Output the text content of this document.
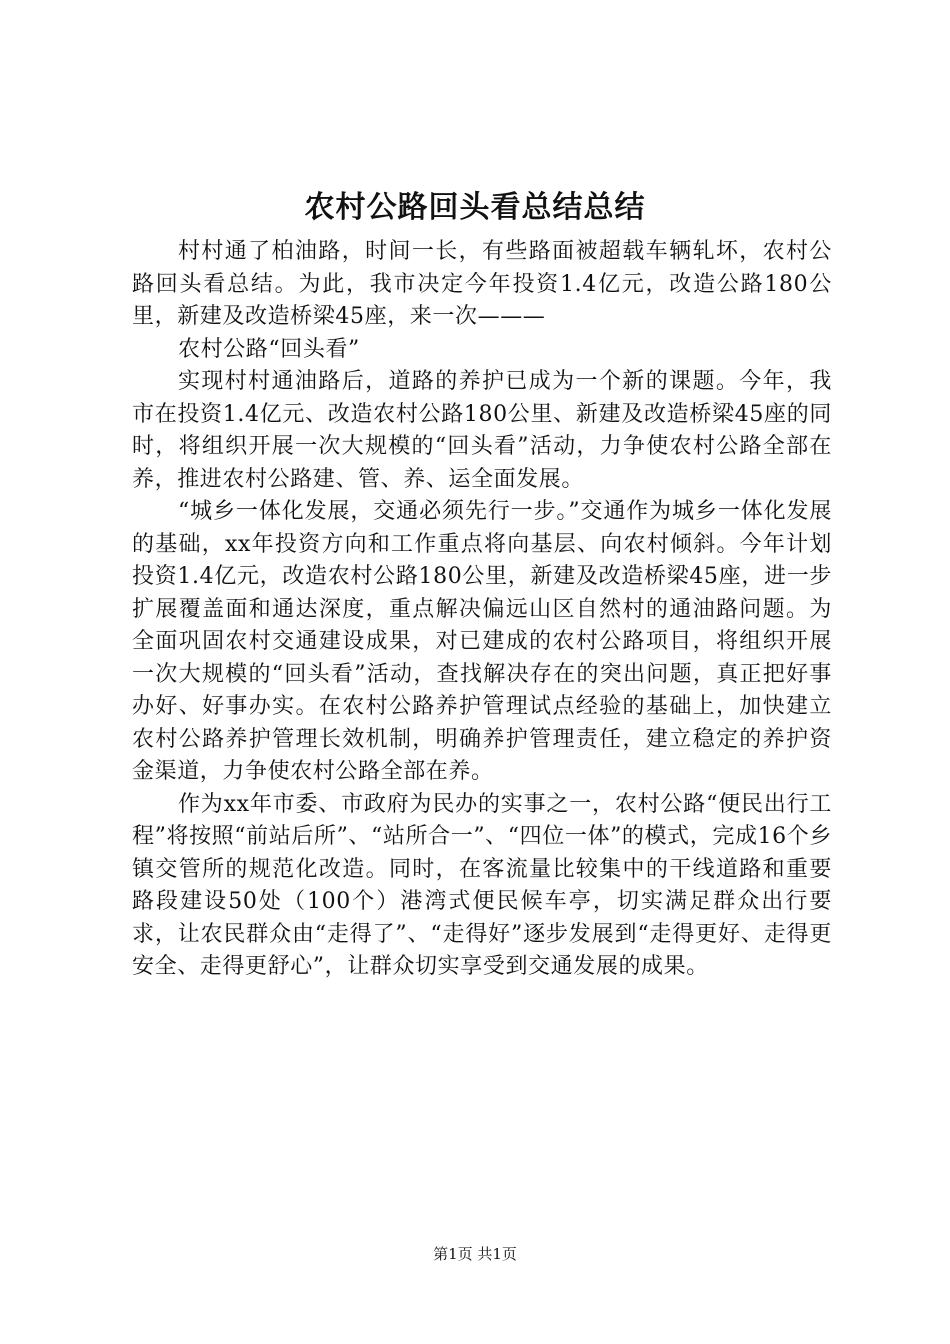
农村公路回头看总结总结

村村通了柏油路，时间一长，有些路面被超载车辆轧坏，农村公路回头看总结。为此，我市决定今年投资1.4亿元，改造公路180公里，新建及改造桥梁45座，来一次———

农村公路“回头看”

实现村村通油路后，道路的养护已成为一个新的课题。今年，我市在投资1.4亿元、改造农村公路180公里、新建及改造桥梁45座的同时，将组织开展一次大规模的“回头看”活动，力争使农村公路全部在养，推进农村公路建、管、养、运全面发展。

“城乡一体化发展，交通必须先行一步。”交通作为城乡一体化发展的基础，xx年投资方向和工作重点将向基层、向农村倾斜。今年计划投资1.4亿元，改造农村公路180公里，新建及改造桥梁45座，进一步扩展覆盖面和通达深度，重点解决偏远山区自然村的通油路问题。为全面巩固农村交通建设成果，对已建成的农村公路项目，将组织开展一次大规模的“回头看”活动，查找解决存在的突出问题，真正把好事办好、好事办实。在农村公路养护管理试点经验的基础上，加快建立农村公路养护管理长效机制，明确养护管理责任，建立稳定的养护资金渠道，力争使农村公路全部在养。

作为xx年市委、市政府为民办的实事之一，农村公路“便民出行工程”将按照“前站后所”、“站所合一”、“四位一体”的模式，完成16个乡镇交管所的规范化改造。同时，在客流量比较集中的干线道路和重要路段建设50处（100个）港湾式便民候车亭，切实满足群众出行要求，让农民群众由“走得了”、“走得好”逐步发展到“走得更好、走得更安全、走得更舒心”，让群众切实享受到交通发展的成果。

第1页 共1页
